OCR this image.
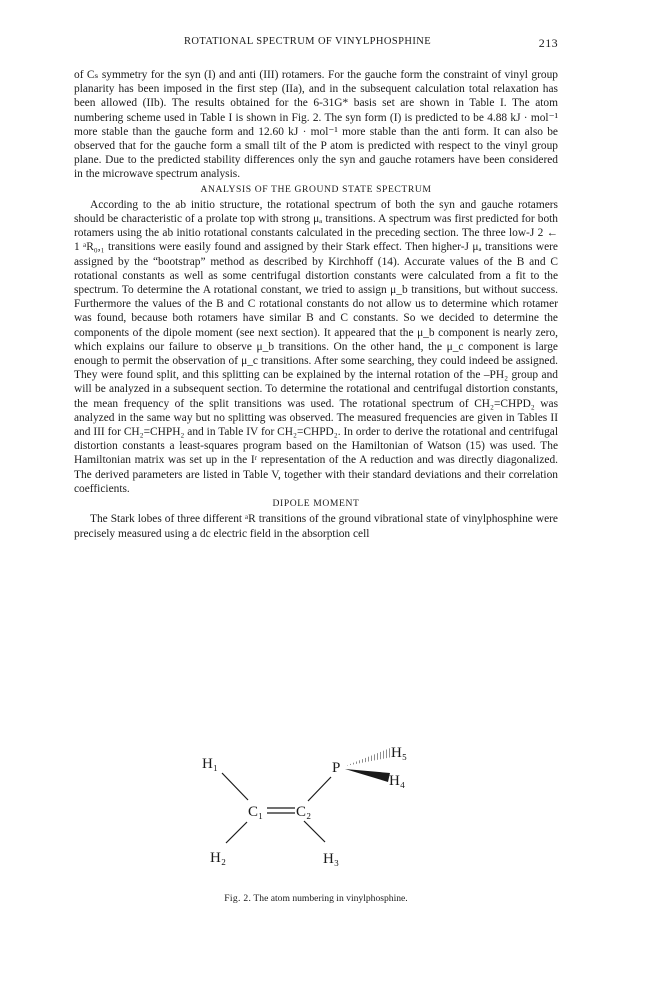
ROTATIONAL SPECTRUM OF VINYLPHOSPHINE	213

of Cₛ symmetry for the syn (I) and anti (III) rotamers. For the gauche form the constraint of vinyl group planarity has been imposed in the first step (IIa), and in the subsequent calculation total relaxation has been allowed (IIb). The results obtained for the 6-31G* basis set are shown in Table I. The atom numbering scheme used in Table I is shown in Fig. 2. The syn form (I) is predicted to be 4.88 kJ · mol⁻¹ more stable than the gauche form and 12.60 kJ · mol⁻¹ more stable than the anti form. It can also be observed that for the gauche form a small tilt of the P atom is predicted with respect to the vinyl group plane. Due to the predicted stability differences only the syn and gauche rotamers have been considered in the microwave spectrum analysis.

ANALYSIS OF THE GROUND STATE SPECTRUM

According to the ab initio structure, the rotational spectrum of both the syn and gauche rotamers should be characteristic of a prolate top with strong μₐ transitions. A spectrum was first predicted for both rotamers using the ab initio rotational constants calculated in the preceding section. The three low-J 2 ← 1 ᵃR₀,₁ transitions were easily found and assigned by their Stark effect. Then higher-J μₐ transitions were assigned by the “bootstrap” method as described by Kirchhoff (14). Accurate values of the B and C rotational constants as well as some centrifugal distortion constants were calculated from a fit to the spectrum. To determine the A rotational constant, we tried to assign μ_b transitions, but without success. Furthermore the values of the B and C rotational constants do not allow us to determine which rotamer was found, because both rotamers have similar B and C constants. So we decided to determine the components of the dipole moment (see next section). It appeared that the μ_b component is nearly zero, which explains our failure to observe μ_b transitions. On the other hand, the μ_c component is large enough to permit the observation of μ_c transitions. After some searching, they could indeed be assigned. They were found split, and this splitting can be explained by the internal rotation of the –PH₂ group and will be analyzed in a subsequent section. To determine the rotational and centrifugal distortion constants, the mean frequency of the split transitions was used. The rotational spectrum of CH₂=CHPD₂ was analyzed in the same way but no splitting was observed. The measured frequencies are given in Tables II and III for CH₂=CHPH₂ and in Table IV for CH₂=CHPD₂. In order to derive the rotational and centrifugal distortion constants a least-squares program based on the Hamiltonian of Watson (15) was used. The Hamiltonian matrix was set up in the Iʳ representation of the A reduction and was directly diagonalized. The derived parameters are listed in Table V, together with their standard deviations and their correlation coefficients.

DIPOLE MOMENT

The Stark lobes of three different ᵃR transitions of the ground vibrational state of vinylphosphine were precisely measured using a dc electric field in the absorption cell

H₁
C₁ C₂
H₂	H₃
P
H₅
H₄
Fig. 2. The atom numbering in vinylphosphine.
